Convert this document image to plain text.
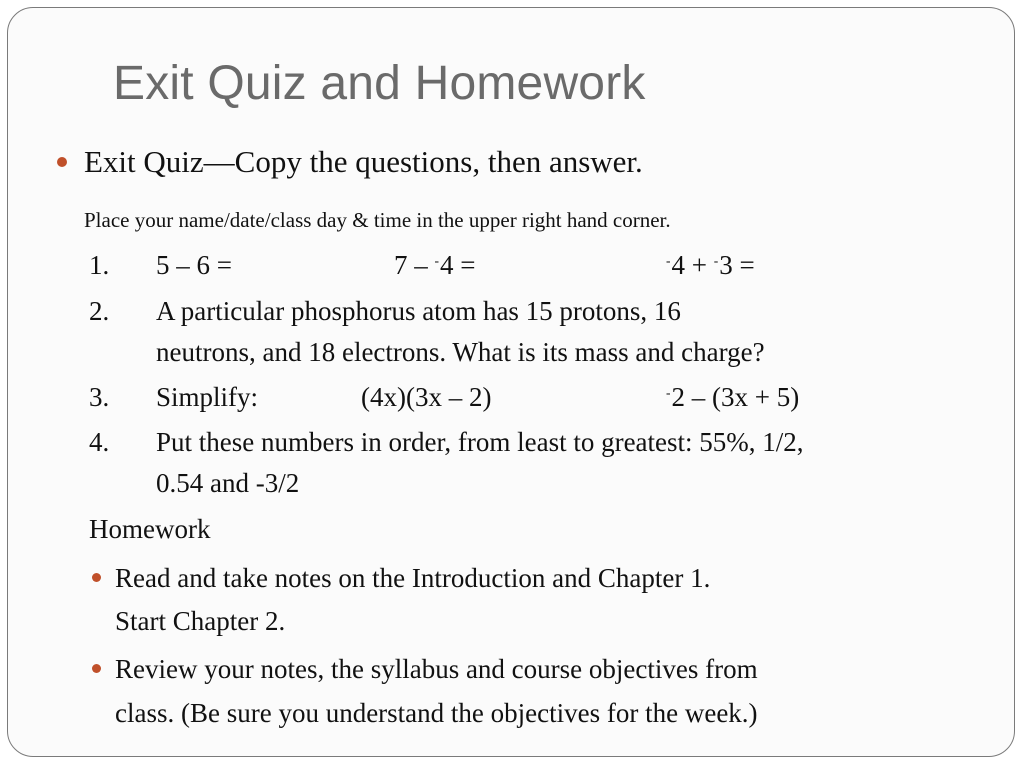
Exit Quiz and Homework
Exit Quiz—Copy the questions, then answer.
Place your name/date/class day & time in the upper right hand corner.
1. 5 – 6 =	7 – -4 =	-4 + -3 =
2. A particular phosphorus atom has 15 protons, 16
neutrons, and 18 electrons. What is its mass and charge?
3. Simplify:	(4x)(3x – 2)	-2 – (3x + 5)
4. Put these numbers in order, from least to greatest: 55%, 1/2,
0.54 and -3/2
Homework
Read and take notes on the Introduction and Chapter 1.
Start Chapter 2.
Review your notes, the syllabus and course objectives from
class. (Be sure you understand the objectives for the week.)
